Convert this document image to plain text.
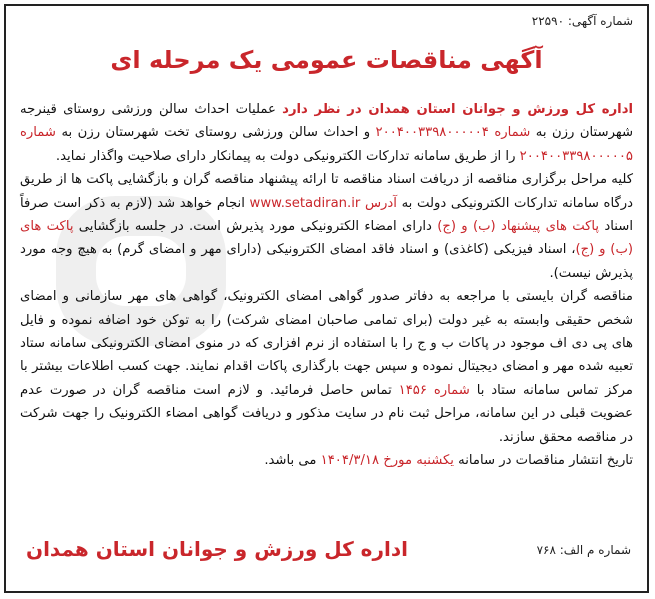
شماره آگهی: ۲۲۵۹۰
آگهی مناقصات عمومی یک مرحله ای

اداره کل ورزش و جوانان استان همدان در نظر دارد عملیات احداث سالن ورزشی روستای قینرجه شهرستان رزن به شماره ۲۰۰۴۰۰۳۳۹۸۰۰۰۰۰۴ و احداث سالن ورزشی روستای تخت شهرستان رزن به شماره ۲۰۰۴۰۰۳۳۹۸۰۰۰۰۰۵ را از طریق سامانه تدارکات الکترونیکی دولت به پیمانکار دارای صلاحیت واگذار نماید.

کلیه مراحل برگزاری مناقصه از دریافت اسناد مناقصه تا ارائه پیشنهاد مناقصه گران و بازگشایی پاکت ها از طریق درگاه سامانه تدارکات الکترونیکی دولت به آدرس www.setadiran.ir انجام خواهد شد (لازم به ذکر است صرفاً اسناد پاکت های پیشنهاد (ب) و (ج) دارای امضاء الکترونیکی مورد پذیرش است. در جلسه بازگشایی پاکت های (ب) و (ج)، اسناد فیزیکی (کاغذی) و اسناد فاقد امضای الکترونیکی (دارای مهر و امضای گرم) به هیچ وجه مورد پذیرش نیست).

مناقصه گران بایستی با مراجعه به دفاتر صدور گواهی امضای الکترونیک، گواهی های مهر سازمانی و امضای شخص حقیقی وابسته به غیر دولت (برای تمامی صاحبان امضای شرکت) را به توکن خود اضافه نموده و فایل های پی دی اف موجود در پاکات ب و ج را با استفاده از نرم افزاری که در منوی امضای الکترونیکی سامانه ستاد تعبیه شده مهر و امضای دیجیتال نموده و سپس جهت بارگذاری پاکات اقدام نمایند. جهت کسب اطلاعات بیشتر با مرکز تماس سامانه ستاد با شماره ۱۴۵۶ تماس حاصل فرمائید. و لازم است مناقصه گران در صورت عدم عضویت قبلی در این سامانه، مراحل ثبت نام در سایت مذکور و دریافت گواهی امضاء الکترونیک را جهت شرکت در مناقصه محقق سازند.

تاریخ انتشار مناقصات در سامانه یکشنبه مورخ ۱۴۰۴/۳/۱۸ می باشد.

اداره کل ورزش و جوانان استان همدان	شماره م الف: ۷۶۸
